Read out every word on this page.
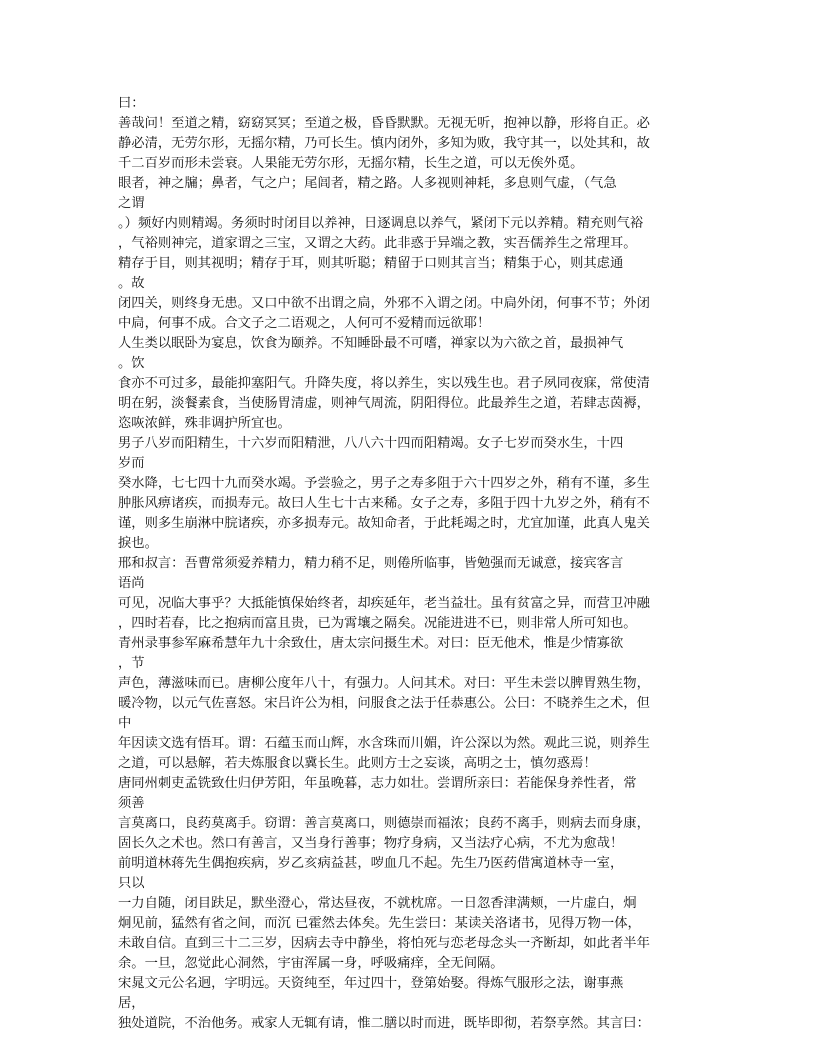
曰：
善哉问！至道之精，窈窈冥冥；至道之极，昏昏默默。无视无听，抱神以静，形将自正。必
静必清，无劳尔形，无摇尔精，乃可长生。慎内闭外，多知为败，我守其一，以处其和，故
千二百岁而形未尝衰。人果能无劳尔形，无摇尔精，长生之道，可以无俟外觅。
眼者，神之牖；鼻者，气之户；尾闾者，精之路。人多视则神耗，多息则气虚，（气急
之谓
。）频好内则精竭。务须时时闭目以养神，日逐调息以养气，紧闭下元以养精。精充则气裕
，气裕则神完，道家谓之三宝，又谓之大药。此非惑于异端之教，实吾儒养生之常理耳。
精存于目，则其视明；精存于耳，则其听聪；精留于口则其言当；精集于心，则其虑通
。故
闭四关，则终身无患。又口中欲不出谓之扃，外邪不入谓之闭。中扃外闭，何事不节；外闭
中扃，何事不成。合文子之二语观之，人何可不爱精而远欲耶！
人生类以眠卧为宴息，饮食为颐养。不知睡卧最不可嗜，禅家以为六欲之首，最损神气
。饮
食亦不可过多，最能抑塞阳气。升降失度，将以养生，实以残生也。君子夙同夜寐，常使清
明在躬，淡餐素食，当使肠胃清虚，则神气周流，阴阳得位。此最养生之道，若肆志茵褥，
恣咴浓鲜，殊非调护所宜也。
男子八岁而阳精生，十六岁而阳精泄，八八六十四而阳精竭。女子七岁而癸水生，十四
岁而
癸水降，七七四十九而癸水竭。予尝验之，男子之寿多阻于六十四岁之外，稍有不谨，多生
肿胀风痹诸疾，而损寿元。故曰人生七十古来稀。女子之寿，多阻于四十九岁之外，稍有不
谨，则多生崩淋中脘诸疾，亦多损寿元。故知命者，于此耗竭之时，尤宜加谨，此真人鬼关
捩也。
邢和叔言：吾曹常须爱养精力，精力稍不足，则倦所临事，皆勉强而无诚意，接宾客言
语尚
可见，况临大事乎？大抵能慎保始终者，却疾延年，老当益壮。虽有贫富之异，而营卫冲融
，四时若春，比之抱病而富且贵，已为霄壤之隔矣。况能进进不已，则非常人所可知也。
青州录事参军麻希慧年九十余致仕，唐太宗问摄生术。对曰：臣无他术，惟是少情寡欲
，节
声色，薄滋味而已。唐柳公度年八十，有强力。人问其术。对曰：平生未尝以脾胃熟生物，
暖冷物，以元气佐喜怒。宋吕许公为相，问服食之法于任恭惠公。公曰：不晓养生之术，但
中
年因读文选有悟耳。谓：石蕴玉而山辉，水含珠而川媚，许公深以为然。观此三说，则养生
之道，可以悬解，若夫炼服食以冀长生。此则方士之妄谈，高明之士，慎勿惑焉！
唐同州刺吏孟铣致仕归伊芳阳，年虽晚暮，志力如壮。尝谓所亲曰：若能保身养性者，常
须善
言莫离口，良药莫离手。窃谓：善言莫离口，则德崇而福浓；良药不离手，则病去而身康，
固长久之术也。然口有善言，又当身行善事；物疗身病，又当法疗心病，不尤为愈哉！
前明道林蒋先生偶抱疾病，岁乙亥病益甚，哕血几不起。先生乃医药借寓道林寺一室，
只以
一力自随，闭目趺足，默坐澄心，常达昼夜，不就枕席。一日忽香津满颊，一片虚白，炯
炯见前，猛然有省之间，而沉 已霍然去体矣。先生尝曰：某读关洛诸书，见得万物一体，
未敢自信。直到三十二三岁，因病去寺中静坐，将怕死与恋老母念头一齐断却，如此者半年
余。一旦，忽觉此心洞然，宇宙浑属一身，呼吸痛痒，全无间隔。
宋晁文元公名迥，字明远。天资纯至，年过四十，登第始娶。得炼气服形之法，谢事燕
居，
独处道院，不治他务。戒家人无辄有请，惟二膳以时而进，既毕即彻，若祭享然。其言曰：
